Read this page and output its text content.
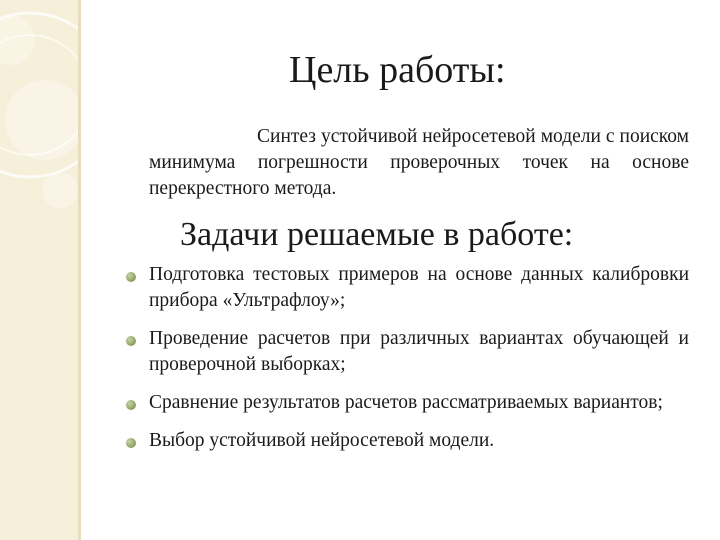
Цель работы:
Синтез устойчивой нейросетевой модели с поиском минимума погрешности проверочных точек на основе перекрестного метода.
Задачи решаемые в работе:
Подготовка тестовых примеров на основе данных калибровки прибора «Ультрафлоу»;
Проведение расчетов при различных вариантах обучающей и проверочной выборках;
Сравнение результатов расчетов рассматриваемых вариантов;
Выбор устойчивой нейросетевой модели.
